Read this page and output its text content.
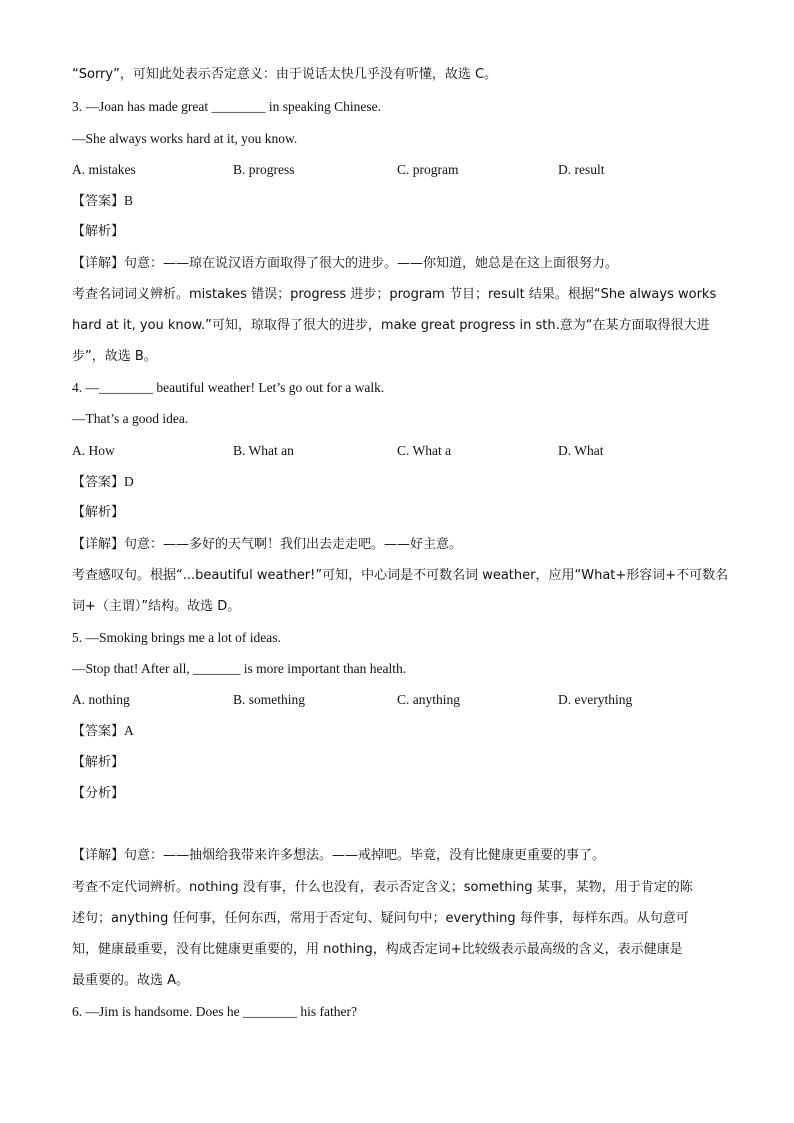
“Sorry”，可知此处表示否定意义：由于说话太快几乎没有听懂，故选 C。
3. —Joan has made great ________ in speaking Chinese.
—She always works hard at it, you know.
A. mistakes	B. progress	C. program	D. result
【答案】B
【解析】
【详解】句意：——琼在说汉语方面取得了很大的进步。——你知道，她总是在这上面很努力。
考查名词词义辨析。mistakes 错误；progress 进步；program 节目；result 结果。根据“She always works
hard at it, you know.”可知，琼取得了很大的进步，make great progress in sth.意为“在某方面取得很大进
步”，故选 B。
4. —________ beautiful weather! Let’s go out for a walk.
—That’s a good idea.
A. How	B. What an	C. What a	D. What
【答案】D
【解析】
【详解】句意：——多好的天气啊！我们出去走走吧。——好主意。
考查感叹句。根据“...beautiful weather!”可知，中心词是不可数名词 weather，应用“What+形容词+不可数名
词+（主谓）”结构。故选 D。
5. —Smoking brings me a lot of ideas.
—Stop that! After all, _______ is more important than health.
A. nothing	B. something	C. anything	D. everything
【答案】A
【解析】
【分析】
【详解】句意：——抽烟给我带来许多想法。——戒掉吧。毕竟，没有比健康更重要的事了。
考查不定代词辨析。nothing 没有事，什么也没有，表示否定含义；something 某事，某物，用于肯定的陈
述句；anything 任何事，任何东西，常用于否定句、疑问句中；everything 每件事，每样东西。从句意可
知，健康最重要，没有比健康更重要的，用 nothing，构成否定词+比较级表示最高级的含义，表示健康是
最重要的。故选 A。
6. —Jim is handsome. Does he ________ his father?
